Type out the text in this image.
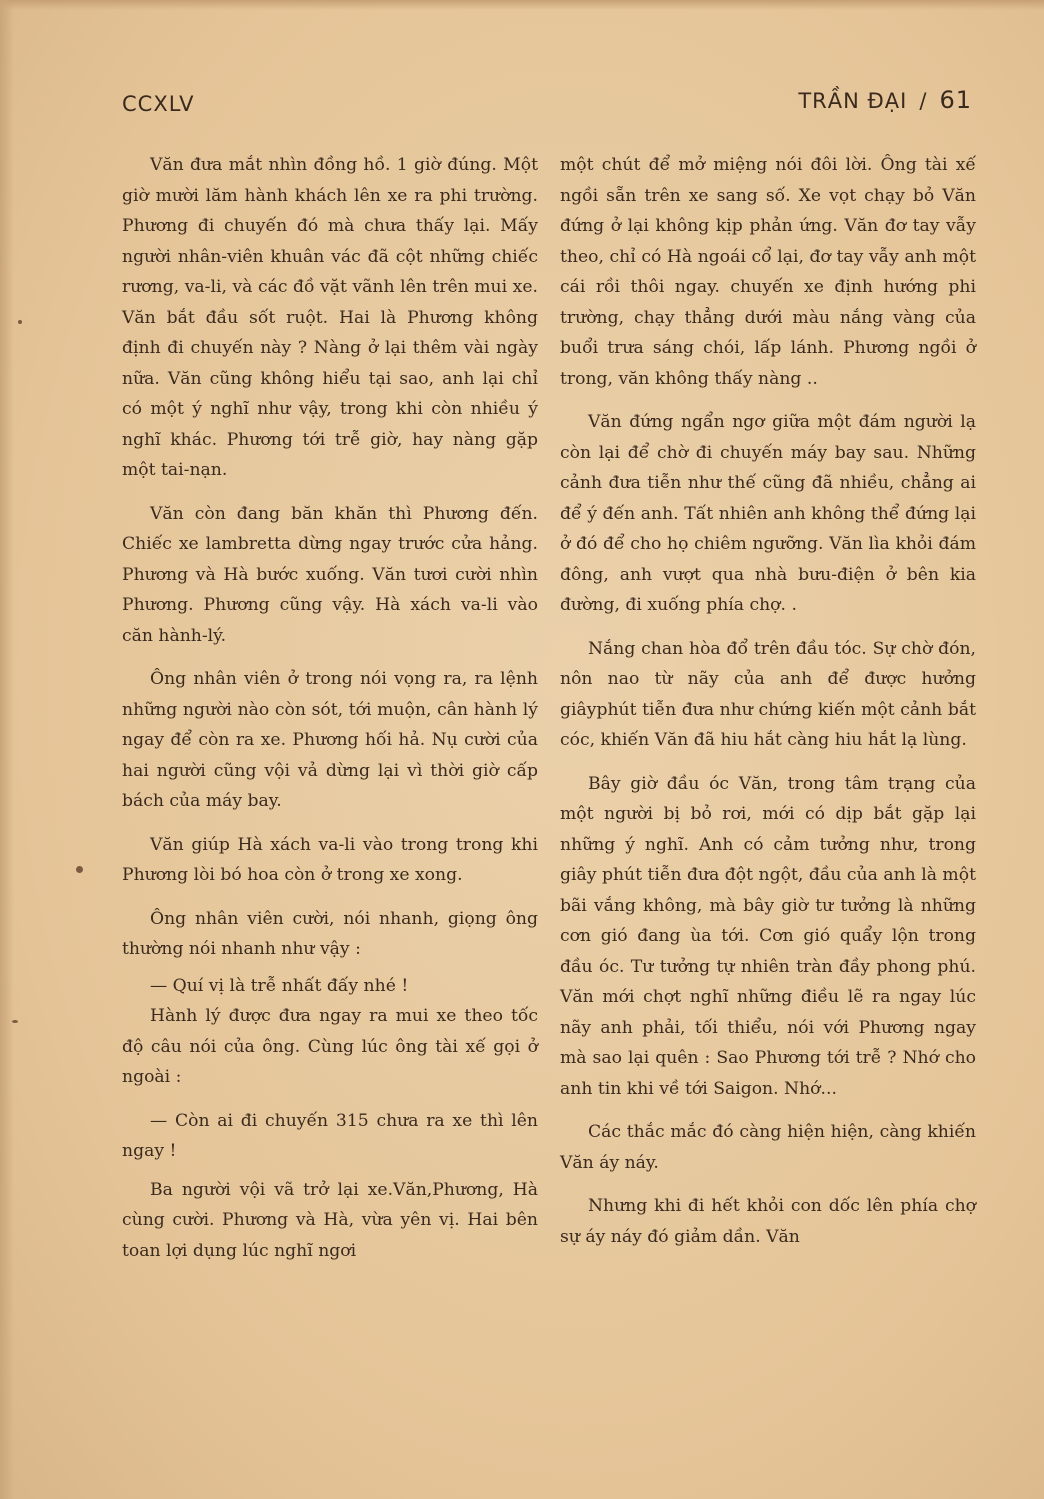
CCXLV	TRẦN ĐẠI / 61

Văn đưa mắt nhìn đồng hồ. 1 giờ đúng. Một giờ mười lăm hành khách lên xe ra phi trường. Phương đi chuyến đó mà chưa thấy lại. Mấy người nhân-viên khuân vác đã cột những chiếc rương, va-li, và các đồ vặt vãnh lên trên mui xe. Văn bắt đầu sốt ruột. Hai là Phương không định đi chuyến này ? Nàng ở lại thêm vài ngày nữa. Văn cũng không hiểu tại sao, anh lại chỉ có một ý nghĩ như vậy, trong khi còn nhiều ý nghĩ khác. Phương tới trễ giờ, hay nàng gặp một tai-nạn.

Văn còn đang băn khăn thì Phương đến. Chiếc xe lambretta dừng ngay trước cửa hảng. Phương và Hà bước xuống. Văn tươi cười nhìn Phương. Phương cũng vậy. Hà xách va-li vào căn hành-lý.

Ông nhân viên ở trong nói vọng ra, ra lệnh những người nào còn sót, tới muộn, cân hành lý ngay để còn ra xe. Phương hối hả. Nụ cười của hai người cũng vội vả dừng lại vì thời giờ cấp bách của máy bay.

Văn giúp Hà xách va-li vào trong trong khi Phương lòi bó hoa còn ở trong xe xong.

Ông nhân viên cười, nói nhanh, giọng ông thường nói nhanh như vậy :

— Quí vị là trễ nhất đấy nhé !

Hành lý được đưa ngay ra mui xe theo tốc độ câu nói của ông. Cùng lúc ông tài xế gọi ở ngoài :

— Còn ai đi chuyến 315 chưa ra xe thì lên ngay !

Ba người vội vã trở lại xe.Văn,Phương, Hà cùng cười. Phương và Hà, vừa yên vị. Hai bên toan lợi dụng lúc nghĩ ngơi

một chút để mở miệng nói đôi lời. Ông tài xế ngồi sẵn trên xe sang số. Xe vọt chạy bỏ Văn đứng ở lại không kịp phản ứng. Văn đơ tay vẫy theo, chỉ có Hà ngoái cổ lại, đơ tay vẫy anh một cái rồi thôi ngay. chuyến xe định hướng phi trường, chạy thẳng dưới màu nắng vàng của buổi trưa sáng chói, lấp lánh. Phương ngồi ở trong, văn không thấy nàng ..

Văn đứng ngẩn ngơ giữa một đám người lạ còn lại để chờ đi chuyến máy bay sau. Những cảnh đưa tiễn như thế cũng đã nhiều, chẳng ai để ý đến anh. Tất nhiên anh không thể đứng lại ở đó để cho họ chiêm ngưỡng. Văn lìa khỏi đám đông, anh vượt qua nhà bưu-điện ở bên kia đường, đi xuống phía chợ. .

Nắng chan hòa đổ trên đầu tóc. Sự chờ đón, nôn nao từ nãy của anh để được hưởng giâyphút tiễn đưa như chứng kiến một cảnh bắt cóc, khiến Văn đã hiu hắt càng hiu hắt lạ lùng.

Bây giờ đầu óc Văn, trong tâm trạng của một người bị bỏ rơi, mới có dịp bắt gặp lại những ý nghĩ. Anh có cảm tưởng như, trong giây phút tiễn đưa đột ngột, đầu của anh là một bãi vắng không, mà bây giờ tư tưởng là những cơn gió đang ùa tới. Cơn gió quẩy lộn trong đầu óc. Tư tưởng tự nhiên tràn đầy phong phú. Văn mới chợt nghĩ những điều lẽ ra ngay lúc nãy anh phải, tối thiểu, nói với Phương ngay mà sao lại quên : Sao Phương tới trễ ? Nhớ cho anh tin khi về tới Saigon. Nhớ...

Các thắc mắc đó càng hiện hiện, càng khiến Văn áy náy.

Nhưng khi đi hết khỏi con dốc lên phía chợ sự áy náy đó giảm dần. Văn
